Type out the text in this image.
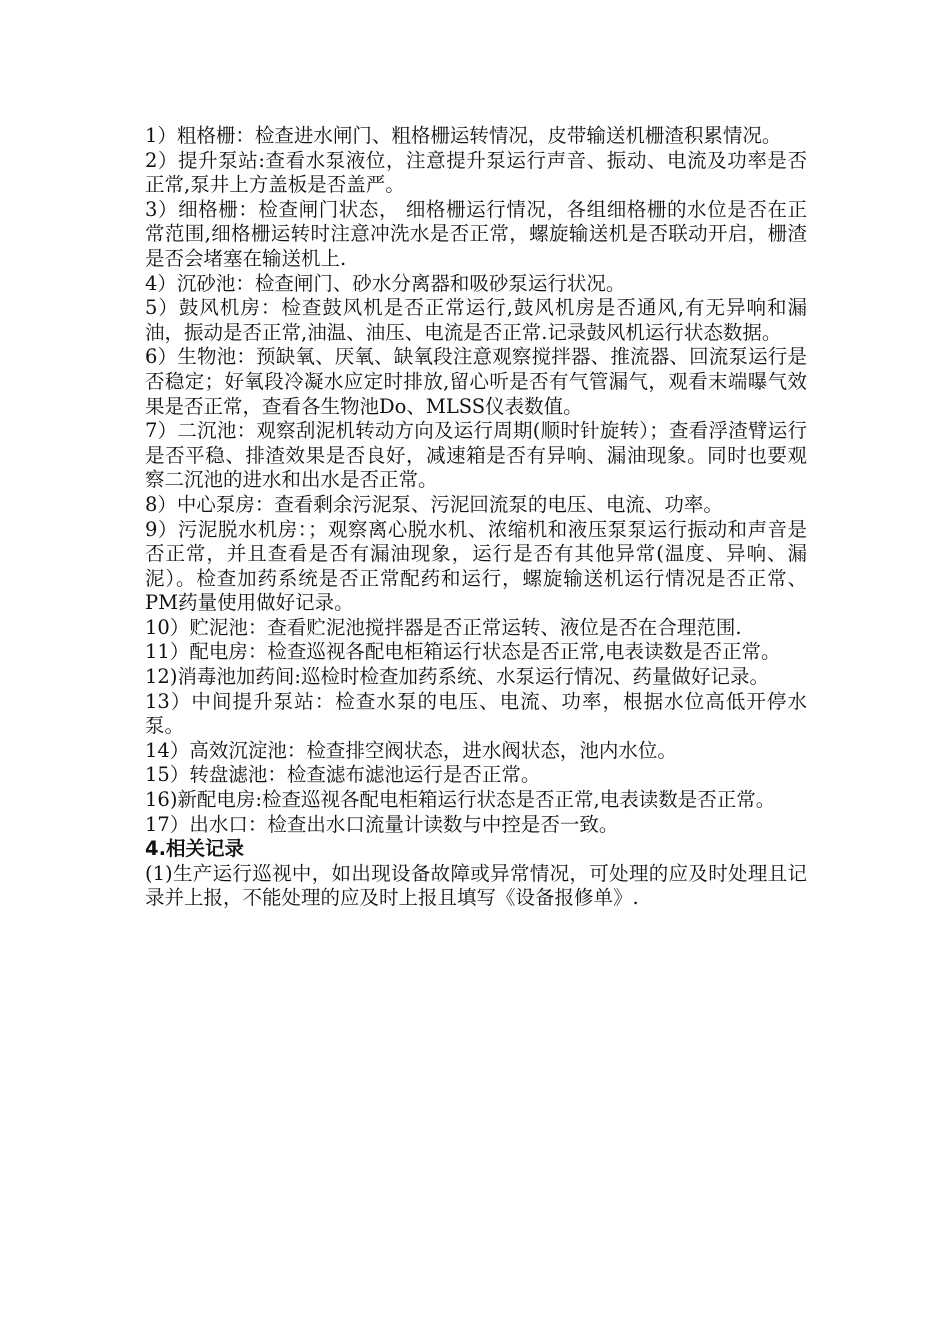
1）粗格栅：检查进水闸门、粗格栅运转情况，皮带输送机栅渣积累情况。

2）提升泵站:查看水泵液位，注意提升泵运行声音、振动、电流及功率是否正常,泵井上方盖板是否盖严。

3）细格栅：检查闸门状态， 细格栅运行情况，各组细格栅的水位是否在正常范围,细格栅运转时注意冲洗水是否正常，螺旋输送机是否联动开启，栅渣是否会堵塞在输送机上.

4）沉砂池：检查闸门、砂水分离器和吸砂泵运行状况。

5）鼓风机房：检查鼓风机是否正常运行,鼓风机房是否通风,有无异响和漏油，振动是否正常,油温、油压、电流是否正常.记录鼓风机运行状态数据。

6）生物池：预缺氧、厌氧、缺氧段注意观察搅拌器、推流器、回流泵运行是否稳定；好氧段冷凝水应定时排放,留心听是否有气管漏气，观看末端曝气效果是否正常，查看各生物池Do、MLSS仪表数值。

7）二沉池：观察刮泥机转动方向及运行周期(顺时针旋转）；查看浮渣臂运行是否平稳、排渣效果是否良好，减速箱是否有异响、漏油现象。同时也要观察二沉池的进水和出水是否正常。

8）中心泵房：查看剩余污泥泵、污泥回流泵的电压、电流、功率。

9）污泥脱水机房：；观察离心脱水机、浓缩机和液压泵泵运行振动和声音是否正常，并且查看是否有漏油现象，运行是否有其他异常(温度、异响、漏泥）。检查加药系统是否正常配药和运行，螺旋输送机运行情况是否正常、PM药量使用做好记录。

10）贮泥池：查看贮泥池搅拌器是否正常运转、液位是否在合理范围.

11）配电房：检查巡视各配电柜箱运行状态是否正常,电表读数是否正常。

12)消毒池加药间:巡检时检查加药系统、水泵运行情况、药量做好记录。

13）中间提升泵站：检查水泵的电压、电流、功率，根据水位高低开停水泵。

14）高效沉淀池：检查排空阀状态，进水阀状态，池内水位。

15）转盘滤池：检查滤布滤池运行是否正常。

16)新配电房:检查巡视各配电柜箱运行状态是否正常,电表读数是否正常。

17）出水口：检查出水口流量计读数与中控是否一致。

4.相关记录

(1)生产运行巡视中，如出现设备故障或异常情况，可处理的应及时处理且记录并上报，不能处理的应及时上报且填写《设备报修单》.
